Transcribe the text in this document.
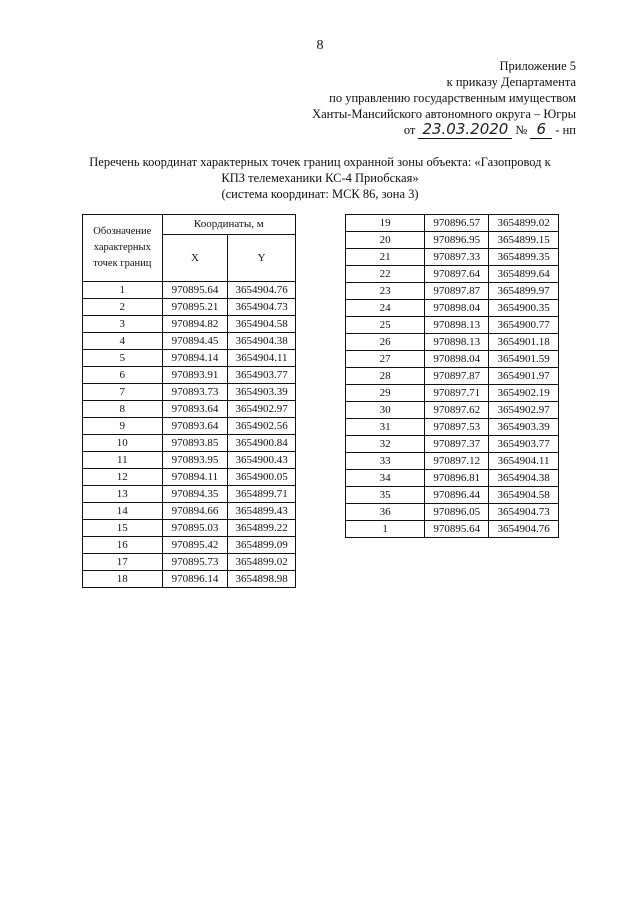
8
Приложение 5
к приказу Департамента
по управлению государственным имуществом
Ханты-Мансийского автономного округа – Югры
от 23.03.2020 № 6 - нп
Перечень координат характерных точек границ охранной зоны объекта: «Газопровод к
КПЗ телемеханики КС-4 Приобская»
(система координат: МСК 86, зона 3)
Обозначение
характерных
точек границ	Координаты, м	
	X	Y
1	970895.64	3654904.76
2	970895.21	3654904.73
3	970894.82	3654904.58
4	970894.45	3654904.38
5	970894.14	3654904.11
6	970893.91	3654903.77
7	970893.73	3654903.39
8	970893.64	3654902.97
9	970893.64	3654902.56
10	970893.85	3654900.84
11	970893.95	3654900.43
12	970894.11	3654900.05
13	970894.35	3654899.71
14	970894.66	3654899.43
15	970895.03	3654899.22
16	970895.42	3654899.09
17	970895.73	3654899.02
18	970896.14	3654898.98
19	970896.57	3654899.02
20	970896.95	3654899.15
21	970897.33	3654899.35
22	970897.64	3654899.64
23	970897.87	3654899.97
24	970898.04	3654900.35
25	970898.13	3654900.77
26	970898.13	3654901.18
27	970898.04	3654901.59
28	970897.87	3654901.97
29	970897.71	3654902.19
30	970897.62	3654902.97
31	970897.53	3654903.39
32	970897.37	3654903.77
33	970897.12	3654904.11
34	970896.81	3654904.38
35	970896.44	3654904.58
36	970896.05	3654904.73
1	970895.64	3654904.76
